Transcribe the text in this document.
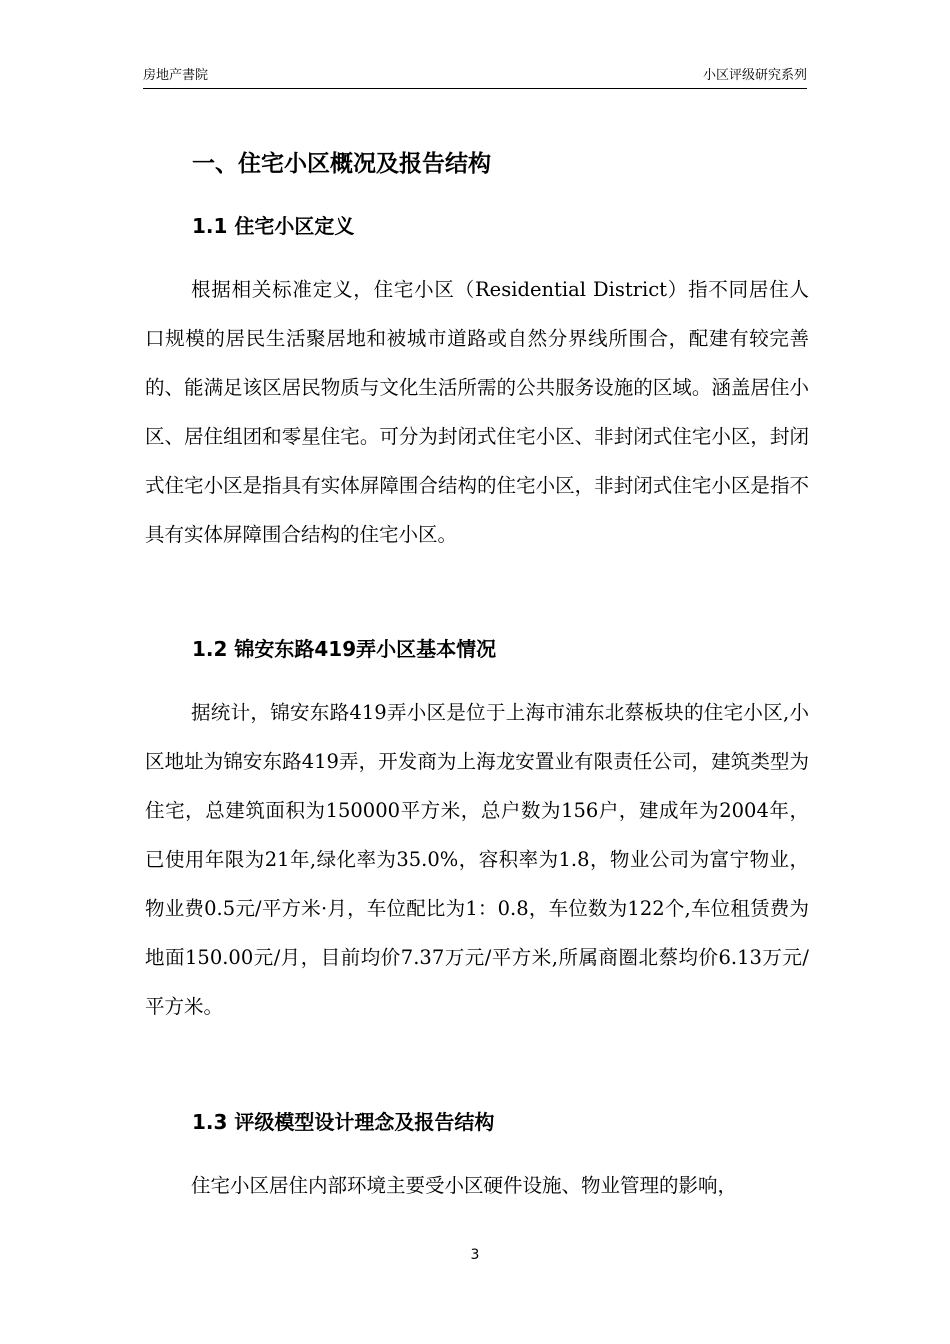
房地产書院	小区评级研究系列
一、住宅小区概况及报告结构
1.1 住宅小区定义

根据相关标准定义，住宅小区（Residential District）指不同居住人口规模的居民生活聚居地和被城市道路或自然分界线所围合，配建有较完善的、能满足该区居民物质与文化生活所需的公共服务设施的区域。涵盖居住小区、居住组团和零星住宅。可分为封闭式住宅小区、非封闭式住宅小区，封闭式住宅小区是指具有实体屏障围合结构的住宅小区，非封闭式住宅小区是指不具有实体屏障围合结构的住宅小区。

1.2 锦安东路419弄小区基本情况

据统计，锦安东路419弄小区是位于上海市浦东北蔡板块的住宅小区,小区地址为锦安东路419弄，开发商为上海龙安置业有限责任公司，建筑类型为住宅，总建筑面积为150000平方米，总户数为156户，建成年为2004年，已使用年限为21年,绿化率为35.0%，容积率为1.8，物业公司为富宁物业，物业费0.5元/平方米·月，车位配比为1：0.8，车位数为122个,车位租赁费为地面150.00元/月，目前均价7.37万元/平方米,所属商圈北蔡均价6.13万元/平方米。

1.3 评级模型设计理念及报告结构

住宅小区居住内部环境主要受小区硬件设施、物业管理的影响，

3
